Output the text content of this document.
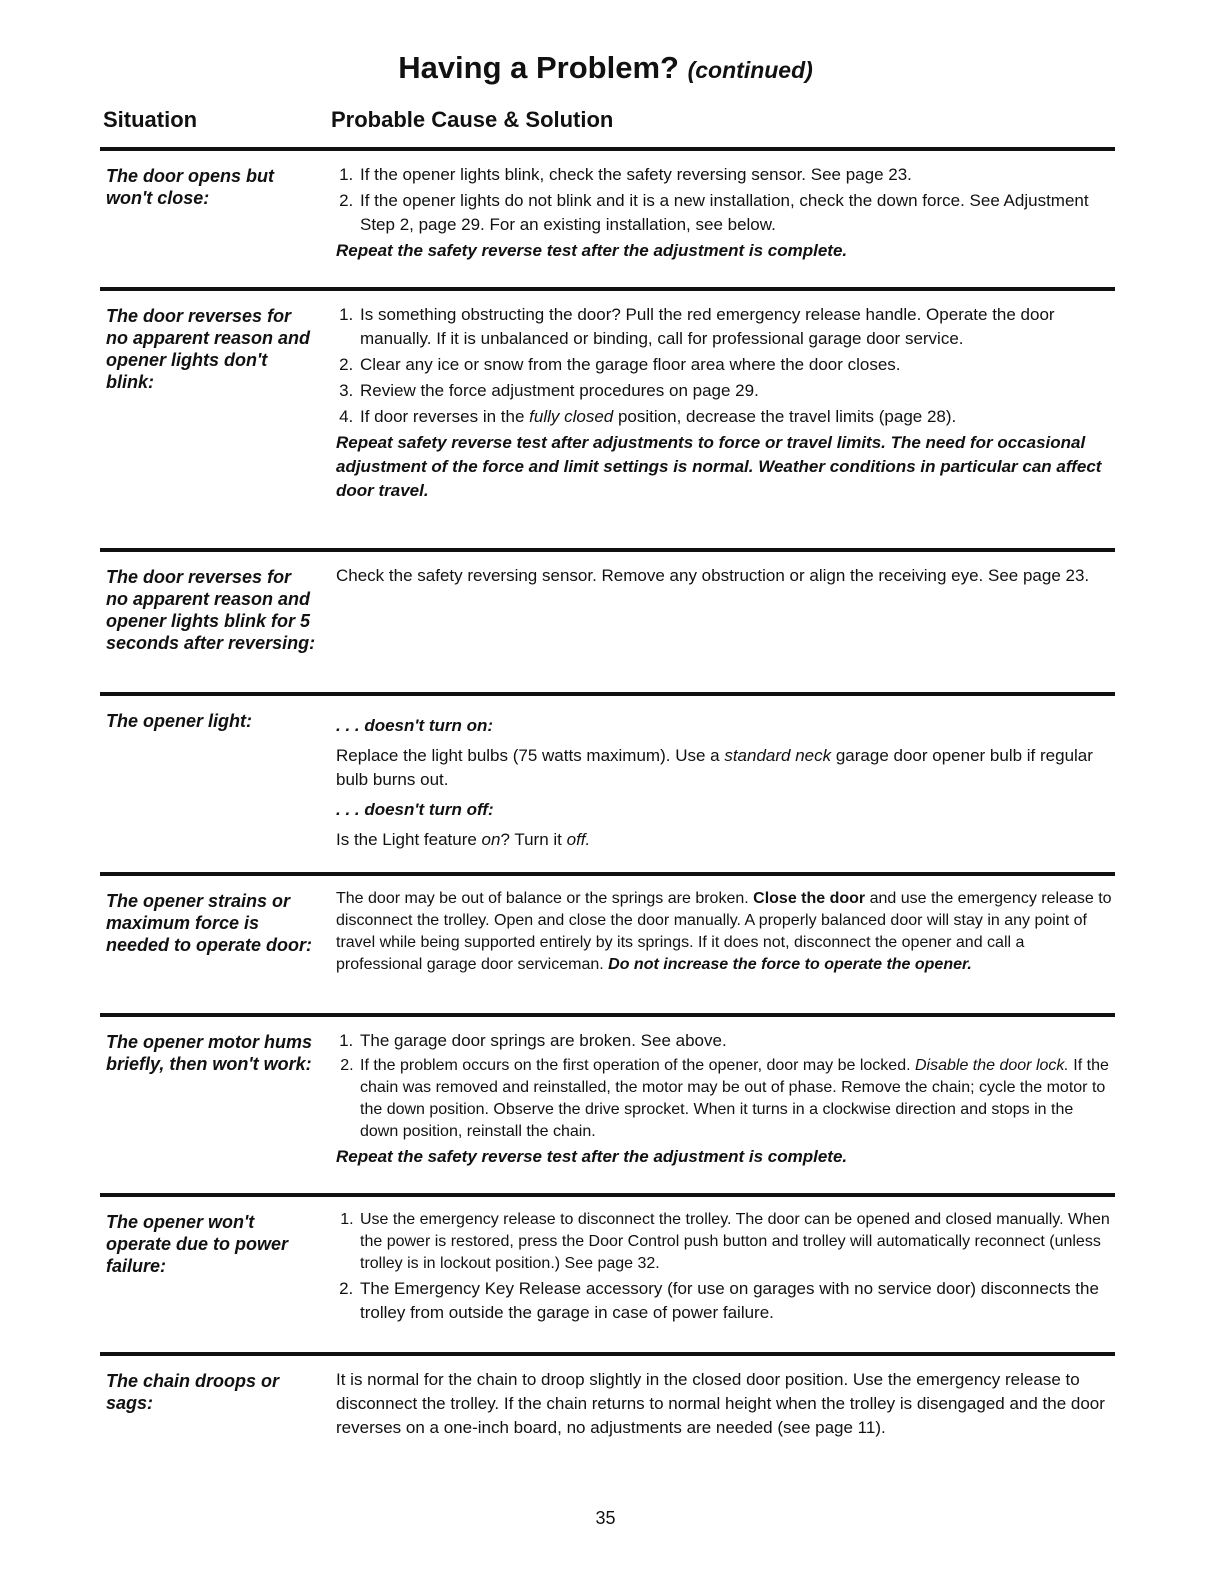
Having a Problem? (continued)
Situation	Probable Cause & Solution

The door opens but won't close:

1. If the opener lights blink, check the safety reversing sensor. See page 23.
2. If the opener lights do not blink and it is a new installation, check the down force. See Adjustment Step 2, page 29. For an existing installation, see below.

Repeat the safety reverse test after the adjustment is complete.

The door reverses for no apparent reason and opener lights don't blink:

1. Is something obstructing the door? Pull the red emergency release handle. Operate the door manually. If it is unbalanced or binding, call for professional garage door service.
2. Clear any ice or snow from the garage floor area where the door closes.
3. Review the force adjustment procedures on page 29.
4. If door reverses in the fully closed position, decrease the travel limits (page 28).

Repeat safety reverse test after adjustments to force or travel limits. The need for occasional adjustment of the force and limit settings is normal. Weather conditions in particular can affect door travel.

The door reverses for no apparent reason and opener lights blink for 5 seconds after reversing:

Check the safety reversing sensor. Remove any obstruction or align the receiving eye. See page 23.

The opener light:	. . . doesn't turn on:

Replace the light bulbs (75 watts maximum). Use a standard neck garage door opener bulb if regular bulb burns out.

. . . doesn't turn off:

Is the Light feature on? Turn it off.

The opener strains or maximum force is needed to operate door:

The door may be out of balance or the springs are broken. Close the door and use the emergency release to disconnect the trolley. Open and close the door manually. A properly balanced door will stay in any point of travel while being supported entirely by its springs. If it does not, disconnect the opener and call a professional garage door serviceman. Do not increase the force to operate the opener.

The opener motor hums briefly, then won't work:

1. The garage door springs are broken. See above.
2. If the problem occurs on the first operation of the opener, door may be locked. Disable the door lock. If the chain was removed and reinstalled, the motor may be out of phase. Remove the chain; cycle the motor to the down position. Observe the drive sprocket. When it turns in a clockwise direction and stops in the down position, reinstall the chain.

Repeat the safety reverse test after the adjustment is complete.

The opener won't operate due to power failure:

1. Use the emergency release to disconnect the trolley. The door can be opened and closed manually. When the power is restored, press the Door Control push button and trolley will automatically reconnect (unless trolley is in lockout position.) See page 32.
2. The Emergency Key Release accessory (for use on garages with no service door) disconnects the trolley from outside the garage in case of power failure.

The chain droops or sags:

It is normal for the chain to droop slightly in the closed door position. Use the emergency release to disconnect the trolley. If the chain returns to normal height when the trolley is disengaged and the door reverses on a one-inch board, no adjustments are needed (see page 11).

35
